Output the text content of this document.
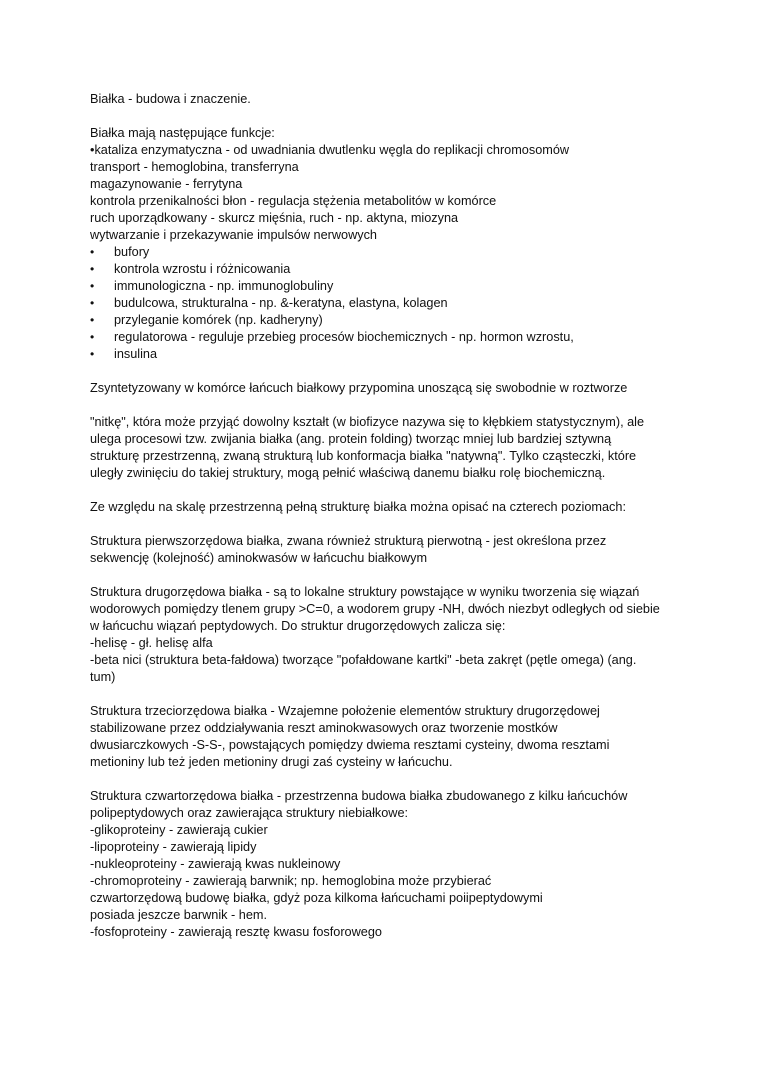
Białka - budowa i znaczenie.
Białka mają następujące funkcje:
•kataliza enzymatyczna - od uwadniania dwutlenku węgla do replikacji chromosomów
transport - hemoglobina, transferryna
magazynowanie - ferrytyna
kontrola przenikalności błon - regulacja stężenia metabolitów w komórce
ruch uporządkowany - skurcz mięśnia, ruch - np. aktyna, miozyna
wytwarzanie i przekazywanie impulsów nerwowych
•	bufory
•	kontrola wzrostu i różnicowania
•	immunologiczna - np. immunoglobuliny
•	budulcowa, strukturalna - np. &-keratyna, elastyna, kolagen
•	przyleganie komórek (np. kadheryny)
•	regulatorowa - reguluje przebieg procesów biochemicznych - np. hormon wzrostu,
•	insulina
Zsyntetyzowany w komórce łańcuch białkowy przypomina unoszącą się swobodnie w roztworze
"nitkę", która może przyjąć dowolny kształt (w biofizyce nazywa się to kłębkiem statystycznym), ale
ulega procesowi tzw. zwijania białka (ang. protein folding) tworząc mniej lub bardziej sztywną
strukturę przestrzenną, zwaną strukturą lub konformacja białka "natywną". Tylko cząsteczki, które
uległy zwinięciu do takiej struktury, mogą pełnić właściwą danemu białku rolę biochemiczną.
Ze względu na skalę przestrzenną pełną strukturę białka można opisać na czterech poziomach:
Struktura pierwszorzędowa białka, zwana również strukturą pierwotną - jest określona przez
sekwencję (kolejność) aminokwasów w łańcuchu białkowym
Struktura drugorzędowa białka - są to lokalne struktury powstające w wyniku tworzenia się wiązań
wodorowych pomiędzy tlenem grupy >C=0, a wodorem grupy -NH, dwóch niezbyt odległych od siebie
w łańcuchu wiązań peptydowych. Do struktur drugorzędowych zalicza się:
-helisę - gł. helisę alfa
-beta nici (struktura beta-fałdowa) tworzące "pofałdowane kartki" -beta zakręt (pętle omega) (ang.
tum)
Struktura trzeciorzędowa białka - Wzajemne położenie elementów struktury drugorzędowej
stabilizowane przez oddziaływania reszt aminokwasowych oraz tworzenie mostków
dwusiarczkowych -S-S-, powstających pomiędzy dwiema resztami cysteiny, dwoma resztami
metioniny lub też jeden metioniny drugi zaś cysteiny w łańcuchu.
Struktura czwartorzędowa białka - przestrzenna budowa białka zbudowanego z kilku łańcuchów
polipeptydowych oraz zawierająca struktury niebiałkowe:
-glikoproteiny - zawierają cukier
-lipoproteiny - zawierają lipidy
-nukleoproteiny - zawierają kwas nukleinowy
-chromoproteiny - zawierają barwnik; np. hemoglobina może przybierać
czwartorzędową budowę białka, gdyż poza kilkoma łańcuchami poiipeptydowymi
posiada jeszcze barwnik - hem.
-fosfoproteiny - zawierają resztę kwasu fosforowego
